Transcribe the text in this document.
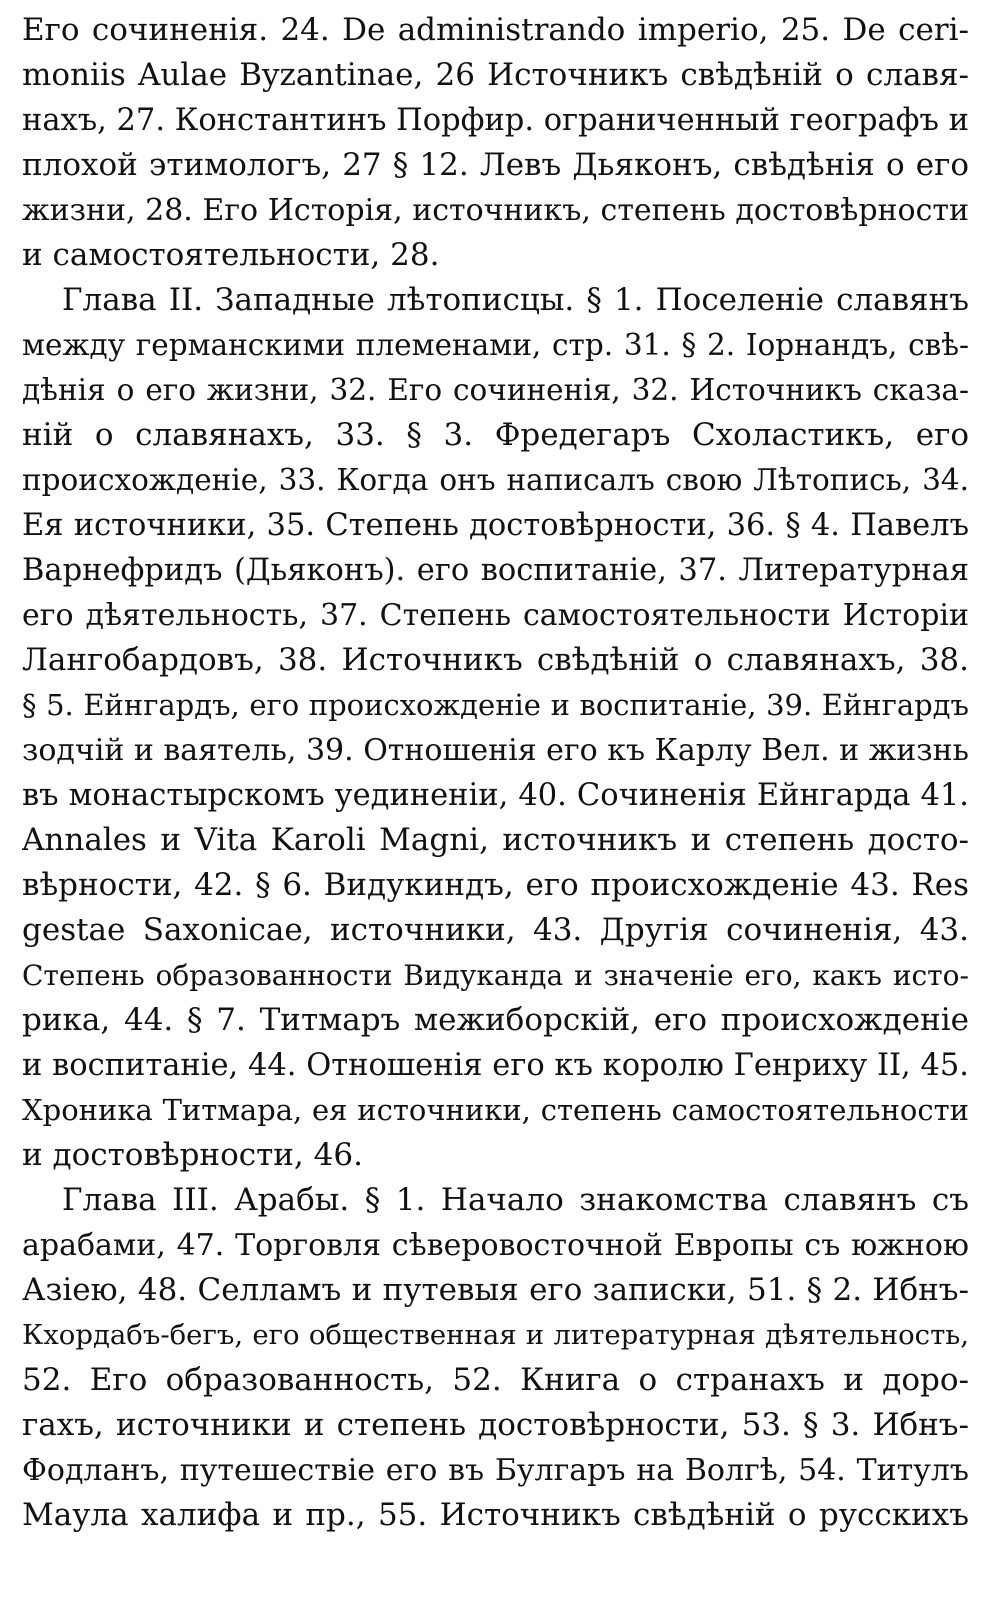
Его сочиненія. 24. De administrando imperio, 25. De ceri-
moniis Aulae Byzantinae, 26 Источникъ свѣдѣній о славя-
нахъ, 27. Константинъ Порфир. ограниченный географъ и
плохой этимологъ, 27 § 12. Левъ Дьяконъ, свѣдѣнія о его
жизни, 28. Его Исторія, источникъ, степень достовѣрности
и самостоятельности, 28.
Глава II. Западные лѣтописцы. § 1. Поселеніе славянъ
между германскими племенами, стр. 31. § 2. Iорнандъ, свѣ-
дѣнія о его жизни, 32. Его сочиненія, 32. Источникъ сказа-
ній о славянахъ, 33. § 3. Фредегаръ Схоластикъ, его
происхожденіе, 33. Когда онъ написалъ свою Лѣтопись, 34.
Ея источники, 35. Степень достовѣрности, 36. § 4. Павелъ
Варнефридъ (Дьяконъ). его воспитаніе, 37. Литературная
его дѣятельность, 37. Степень самостоятельности Исторіи
Лангобардовъ, 38. Источникъ свѣдѣній о славянахъ, 38.
§ 5. Ейнгардъ, его происхожденіе и воспитаніе, 39. Ейнгардъ
зодчій и ваятель, 39. Отношенія его къ Карлу Вел. и жизнь
въ монастырскомъ уединеніи, 40. Сочиненія Ейнгарда 41.
Annales и Vita Karoli Magni, источникъ и степень досто-
вѣрности, 42. § 6. Видукиндъ, его происхожденіе 43. Res
gestae Saxonicae, источники, 43. Другія сочиненія, 43.
Степень образованности Видуканда и значеніе его, какъ исто-
рика, 44. § 7. Титмаръ межиборскій, его происхожденіе
и воспитаніе, 44. Отношенія его къ королю Генриху II, 45.
Хроника Титмара, ея источники, степень самостоятельности
и достовѣрности, 46.
Глава III. Арабы. § 1. Начало знакомства славянъ съ
арабами, 47. Торговля сѣверовосточной Европы съ южною
Азіею, 48. Селламъ и путевыя его записки, 51. § 2. Ибнъ-
Кхордабъ-бегъ, его общественная и литературная дѣятельность,
52. Его образованность, 52. Книга о странахъ и доро-
гахъ, источники и степень достовѣрности, 53. § 3. Ибнъ-
Фодланъ, путешествіе его въ Булгаръ на Волгѣ, 54. Титулъ
Маула халифа и пр., 55. Источникъ свѣдѣній о русскихъ
